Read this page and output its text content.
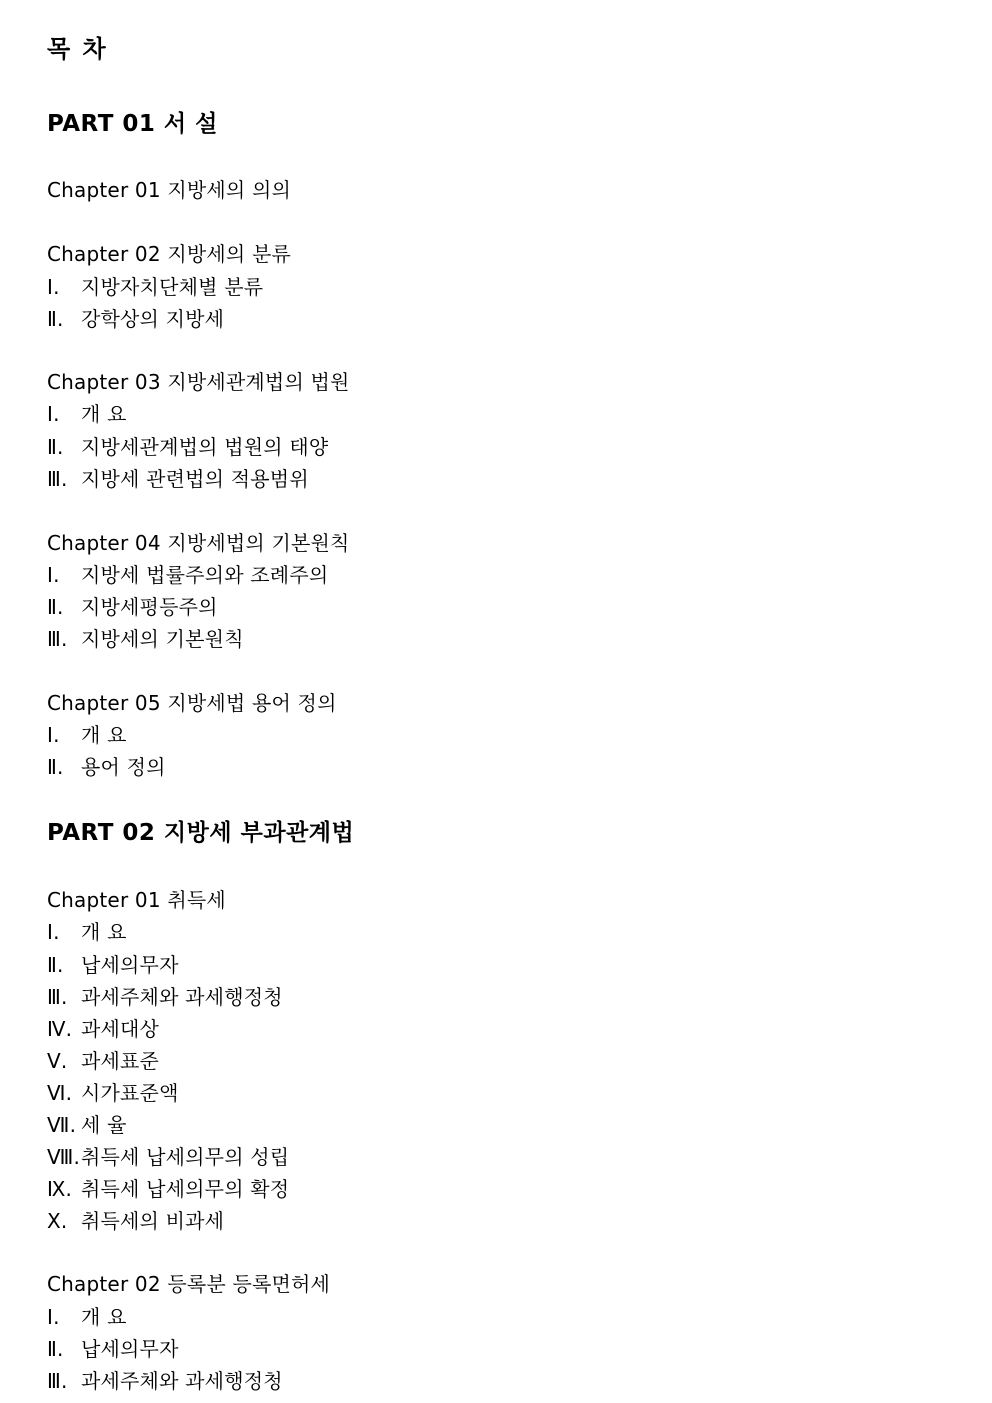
목 차
PART 01 서 설
Chapter 01 지방세의 의의
Chapter 02 지방세의 분류
Ⅰ. 지방자치단체별 분류
Ⅱ. 강학상의 지방세
Chapter 03 지방세관계법의 법원
Ⅰ. 개 요
Ⅱ. 지방세관계법의 법원의 태양
Ⅲ. 지방세 관련법의 적용범위
Chapter 04 지방세법의 기본원칙
Ⅰ. 지방세 법률주의와 조례주의
Ⅱ. 지방세평등주의
Ⅲ. 지방세의 기본원칙
Chapter 05 지방세법 용어 정의
Ⅰ. 개 요
Ⅱ. 용어 정의
PART 02 지방세 부과관계법
Chapter 01 취득세
Ⅰ. 개 요
Ⅱ. 납세의무자
Ⅲ. 과세주체와 과세행정청
Ⅳ. 과세대상
Ⅴ. 과세표준
Ⅵ. 시가표준액
Ⅶ. 세 율
Ⅷ.취득세 납세의무의 성립
Ⅸ. 취득세 납세의무의 확정
Ⅹ. 취득세의 비과세
Chapter 02 등록분 등록면허세
Ⅰ. 개 요
Ⅱ. 납세의무자
Ⅲ. 과세주체와 과세행정청
